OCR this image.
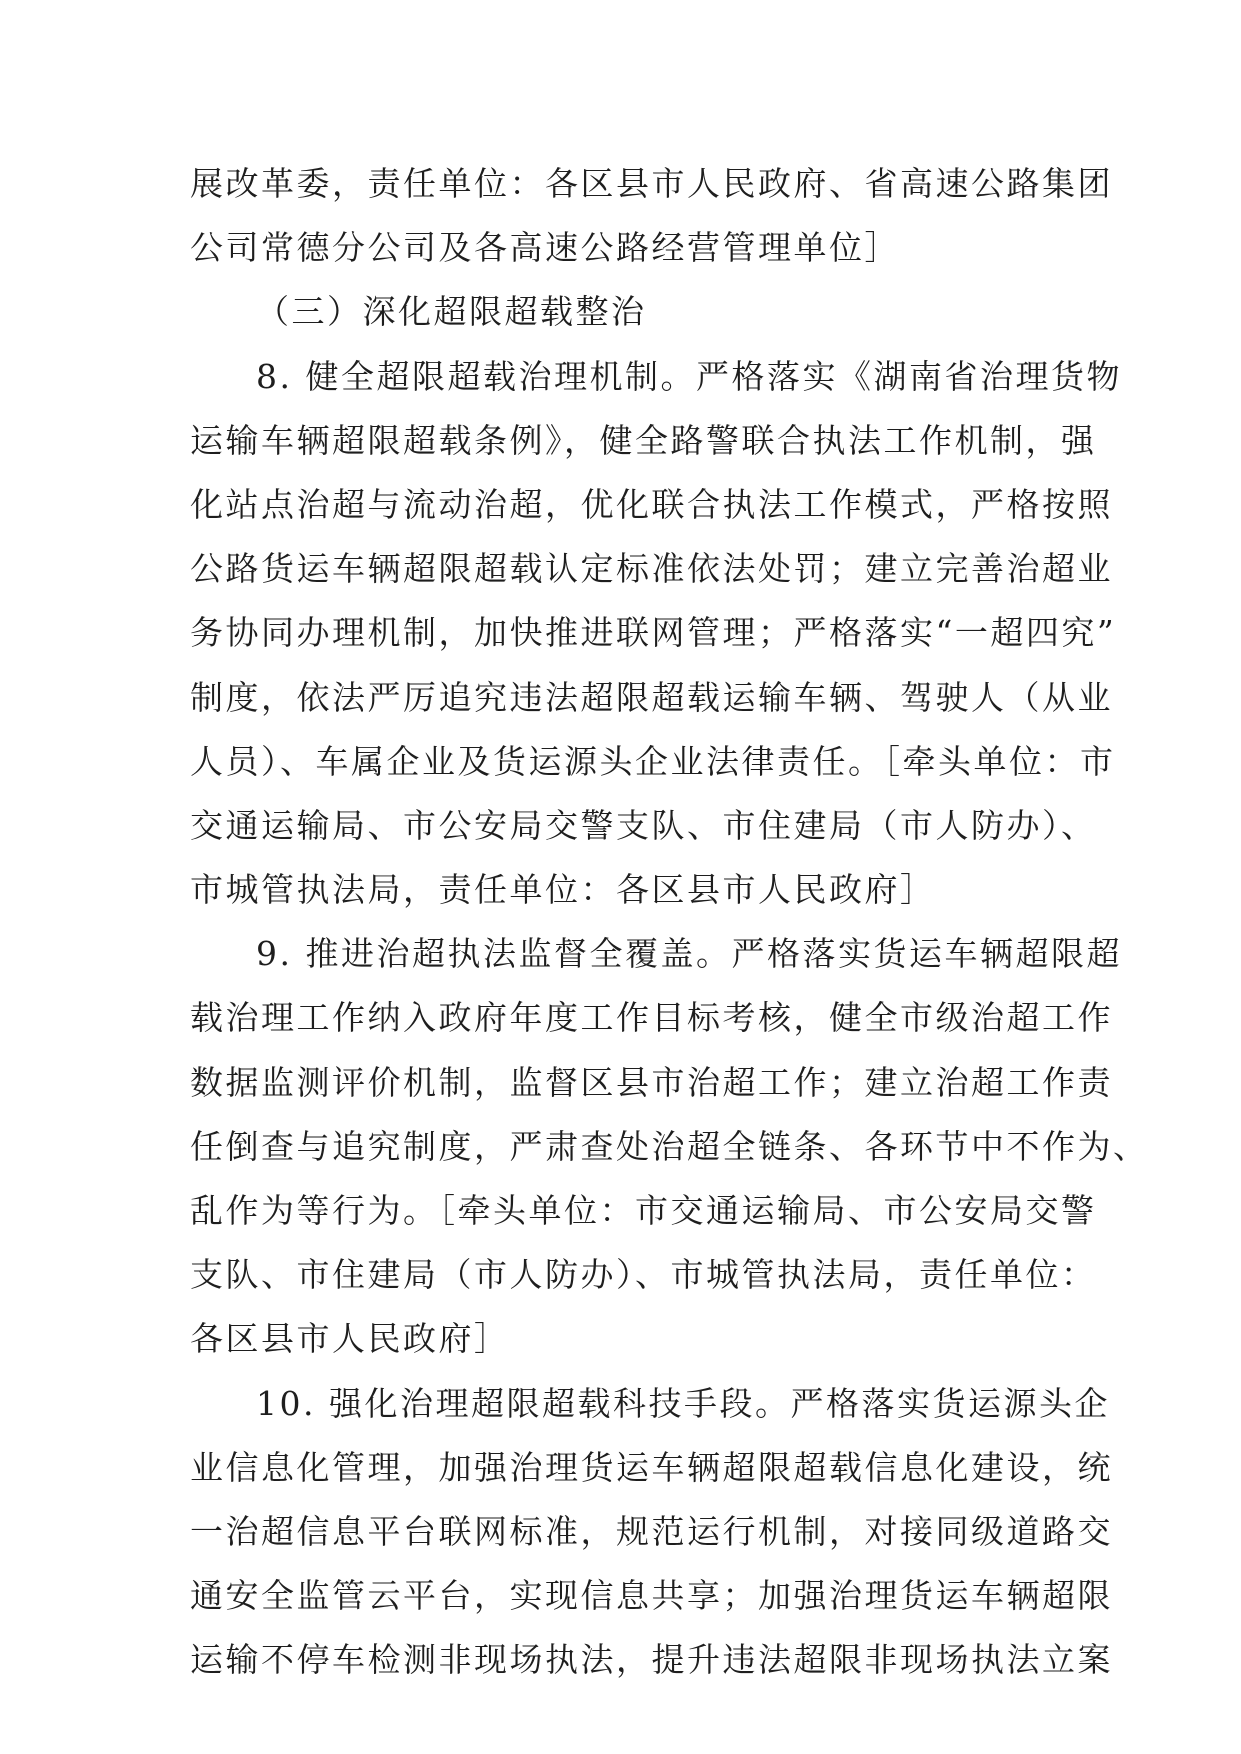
展改革委，责任单位：各区县市人民政府、省高速公路集团
公司常德分公司及各高速公路经营管理单位］
（三）深化超限超载整治
8. 健全超限超载治理机制。严格落实《湖南省治理货物
运输车辆超限超载条例》，健全路警联合执法工作机制，强
化站点治超与流动治超，优化联合执法工作模式，严格按照
公路货运车辆超限超载认定标准依法处罚；建立完善治超业
务协同办理机制，加快推进联网管理；严格落实“一超四究”
制度，依法严厉追究违法超限超载运输车辆、驾驶人（从业
人员）、车属企业及货运源头企业法律责任。［牵头单位：市
交通运输局、市公安局交警支队、市住建局（市人防办）、
市城管执法局，责任单位：各区县市人民政府］
9. 推进治超执法监督全覆盖。严格落实货运车辆超限超
载治理工作纳入政府年度工作目标考核，健全市级治超工作
数据监测评价机制，监督区县市治超工作；建立治超工作责
任倒查与追究制度，严肃查处治超全链条、各环节中不作为、
乱作为等行为。［牵头单位：市交通运输局、市公安局交警
支队、市住建局（市人防办）、市城管执法局，责任单位：
各区县市人民政府］
10. 强化治理超限超载科技手段。严格落实货运源头企
业信息化管理，加强治理货运车辆超限超载信息化建设，统
一治超信息平台联网标准，规范运行机制，对接同级道路交
通安全监管云平台，实现信息共享；加强治理货运车辆超限
运输不停车检测非现场执法，提升违法超限非现场执法立案
